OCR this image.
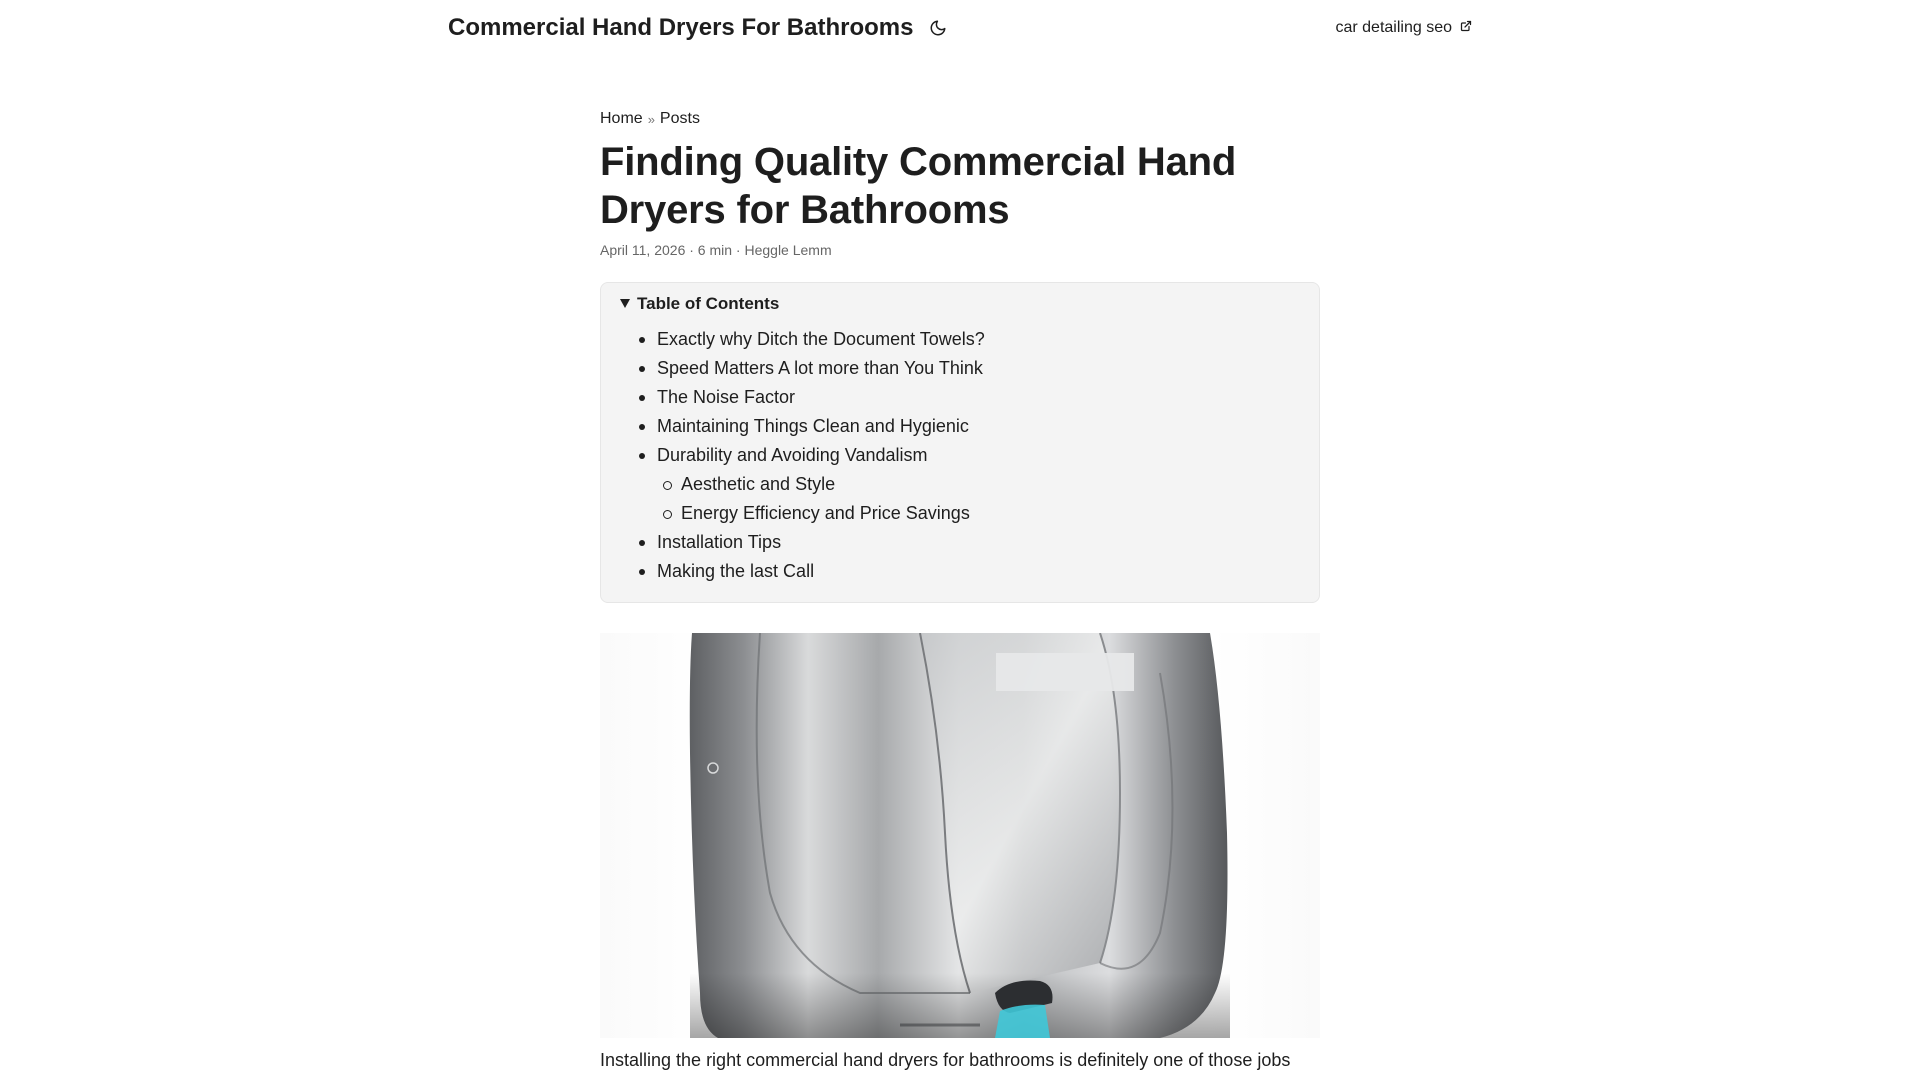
Commercial Hand Dryers For Bathrooms	car detailing seo
Home » Posts
Finding Quality Commercial Hand Dryers for Bathrooms
April 11, 2026 · 6 min · Heggle Lemm
Table of Contents
Exactly why Ditch the Document Towels?
Speed Matters A lot more than You Think
The Noise Factor
Maintaining Things Clean and Hygienic
Durability and Avoiding Vandalism
Aesthetic and Style
Energy Efficiency and Price Savings
Installation Tips
Making the last Call

Installing the right commercial hand dryers for bathrooms is definitely one of those jobs
